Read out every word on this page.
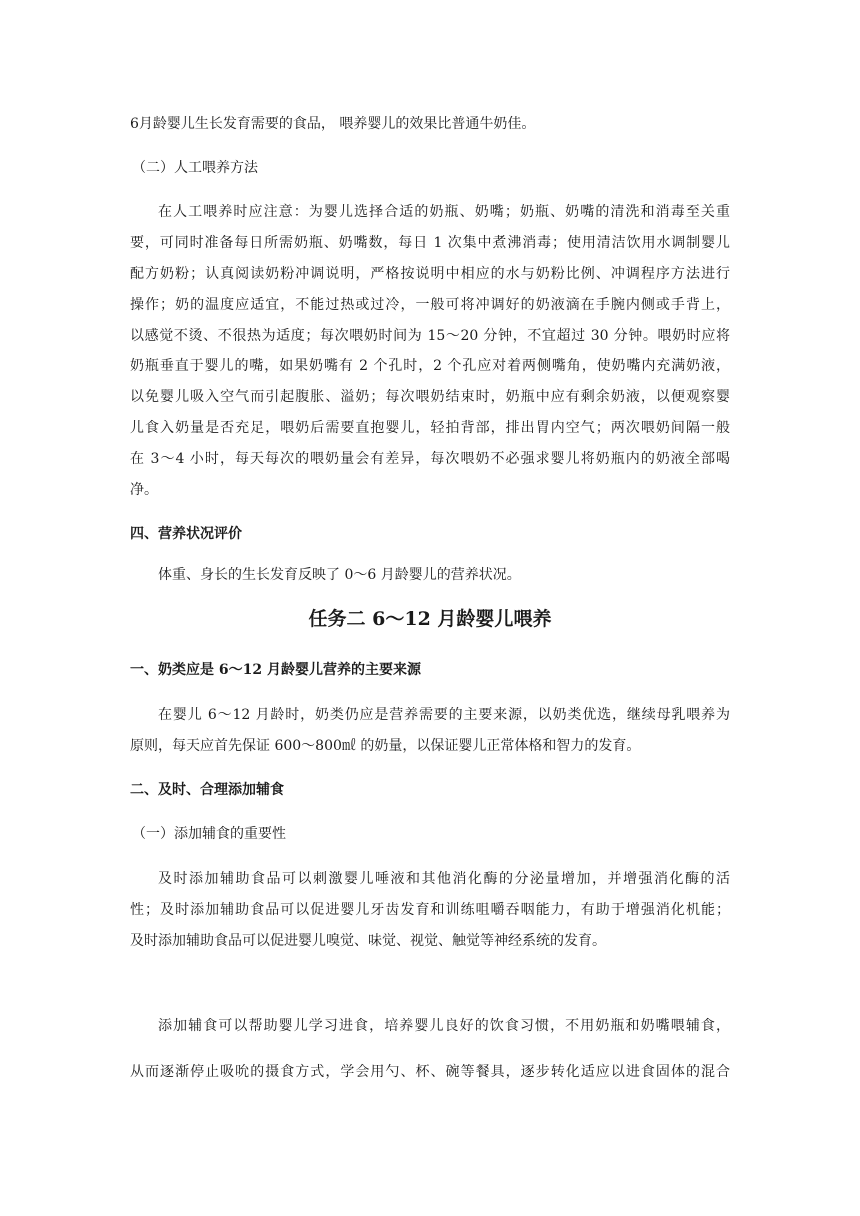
6月龄婴儿生长发育需要的食品， 喂养婴儿的效果比普通牛奶佳。
（二）人工喂养方法
在人工喂养时应注意：为婴儿选择合适的奶瓶、奶嘴；奶瓶、奶嘴的清洗和消毒至关重
要，可同时准备每日所需奶瓶、奶嘴数，每日 1 次集中煮沸消毒；使用清洁饮用水调制婴儿
配方奶粉；认真阅读奶粉冲调说明，严格按说明中相应的水与奶粉比例、冲调程序方法进行
操作；奶的温度应适宜，不能过热或过冷，一般可将冲调好的奶液滴在手腕内侧或手背上，
以感觉不烫、不很热为适度；每次喂奶时间为 15～20 分钟，不宜超过 30 分钟。喂奶时应将
奶瓶垂直于婴儿的嘴，如果奶嘴有 2 个孔时，2 个孔应对着两侧嘴角，使奶嘴内充满奶液，
以免婴儿吸入空气而引起腹胀、溢奶；每次喂奶结束时，奶瓶中应有剩余奶液，以便观察婴
儿食入奶量是否充足，喂奶后需要直抱婴儿，轻拍背部，排出胃内空气；两次喂奶间隔一般
在 3～4 小时，每天每次的喂奶量会有差异，每次喂奶不必强求婴儿将奶瓶内的奶液全部喝
净。
四、营养状况评价
体重、身长的生长发育反映了 0～6 月龄婴儿的营养状况。
任务二 6～12 月龄婴儿喂养
一、奶类应是 6～12 月龄婴儿营养的主要来源
在婴儿 6～12 月龄时，奶类仍应是营养需要的主要来源，以奶类优选，继续母乳喂养为
原则，每天应首先保证 600～800㎖ 的奶量，以保证婴儿正常体格和智力的发育。
二、及时、合理添加辅食
（一）添加辅食的重要性
及时添加辅助食品可以刺激婴儿唾液和其他消化酶的分泌量增加，并增强消化酶的活
性；及时添加辅助食品可以促进婴儿牙齿发育和训练咀嚼吞咽能力，有助于增强消化机能；
及时添加辅助食品可以促进婴儿嗅觉、味觉、视觉、触觉等神经系统的发育。
添加辅食可以帮助婴儿学习进食，培养婴儿良好的饮食习惯，不用奶瓶和奶嘴喂辅食，
从而逐渐停止吸吮的摄食方式，学会用勺、杯、碗等餐具，逐步转化适应以进食固体的混合
